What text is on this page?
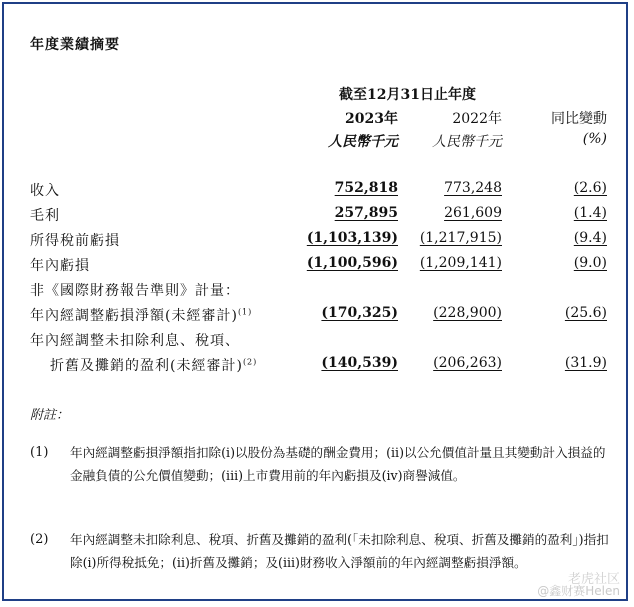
年度業績摘要
截至12月31日止年度
2023年	2022年	同比變動
人民幣千元	人民幣千元	(%)
收入	752,818	773,248	(2.6)
毛利	257,895	261,609	(1.4)
所得稅前虧損	(1,103,139)	(1,217,915)	(9.4)
年內虧損	(1,100,596)	(1,209,141)	(9.0)
非《國際財務報告準則》計量：
年內經調整虧損淨額(未經審計)$^{(1)}$	(170,325)	(228,900)	(25.6)
年內經調整未扣除利息、稅項、
折舊及攤銷的盈利(未經審計)$^{(2)}$	(140,539)	(206,263)	(31.9)
附註：
(1) 年內經調整虧損淨額指扣除(i)以股份為基礎的酬金費用；(ii)以公允價值計量且其變動計入損益的金融負債的公允價值變動；(iii)上市費用前的年內虧損及(iv)商譽減值。
(2) 年內經調整未扣除利息、稅項、折舊及攤銷的盈利(「未扣除利息、稅項、折舊及攤銷的盈利」)指扣除(i)所得稅抵免；(ii)折舊及攤銷；及(iii)財務收入淨額前的年內經調整虧損淨額。
老虎社区
@鑫财赛Helen
